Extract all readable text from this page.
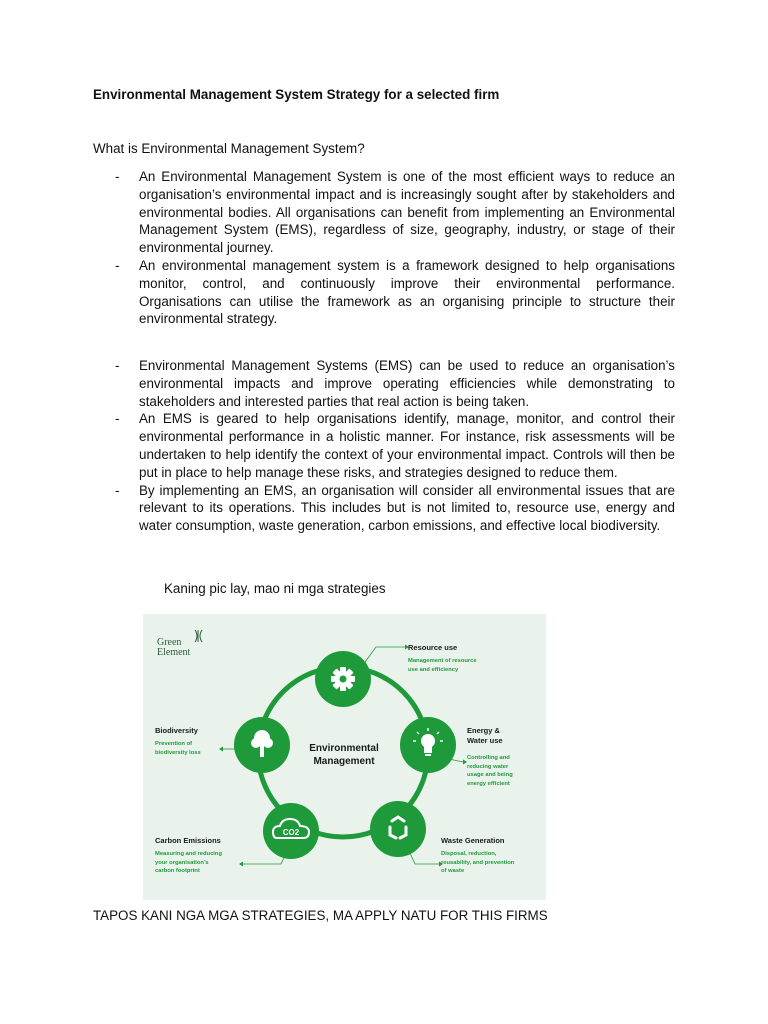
Environmental Management System Strategy for a selected firm
What is Environmental Management System?
- An Environmental Management System is one of the most efficient ways to reduce an organisation’s environmental impact and is increasingly sought after by stakeholders and environmental bodies. All organisations can benefit from implementing an Environmental Management System (EMS), regardless of size, geography, industry, or stage of their environmental journey.
- An environmental management system is a framework designed to help organisations monitor, control, and continuously improve their environmental performance. Organisations can utilise the framework as an organising principle to structure their environmental strategy.
- Environmental Management Systems (EMS) can be used to reduce an organisation’s environmental impacts and improve operating efficiencies while demonstrating to stakeholders and interested parties that real action is being taken.
- An EMS is geared to help organisations identify, manage, monitor, and control their environmental performance in a holistic manner. For instance, risk assessments will be undertaken to help identify the context of your environmental impact. Controls will then be put in place to help manage these risks, and strategies designed to reduce them.
- By implementing an EMS, an organisation will consider all environmental issues that are relevant to its operations. This includes but is not limited to, resource use, energy and water consumption, waste generation, carbon emissions, and effective local biodiversity.
Kaning pic lay, mao ni mga strategies
CO2
Green
Element
Environmental
Management
Resource use
Management of resource
use and efficiency
Energy &
Water use
Controlling and
reducing water
usage and being
energy efficient
Waste Generation
Disposal, reduction,
reusability, and prevention
of waste
Carbon Emissions
Measuring and reducing
your organisation’s
carbon footprint
Biodiversity
Prevention of
biodiversity loss
TAPOS KANI NGA MGA STRATEGIES, MA APPLY NATU FOR THIS FIRMS
